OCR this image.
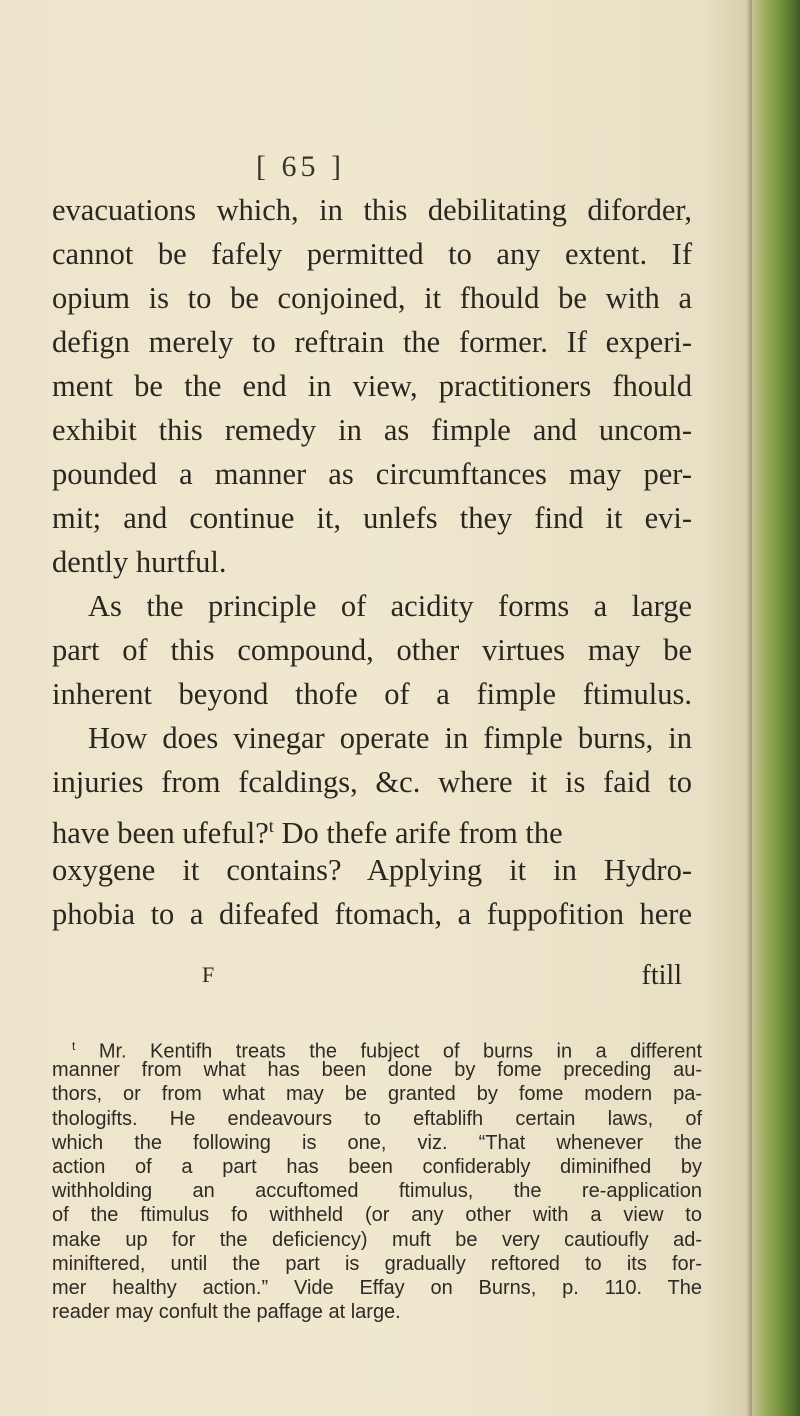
[ 65 ]
evacuations which, in this debilitating diforder,
cannot be fafely permitted to any extent. If
opium is to be conjoined, it fhould be with a
defign merely to reftrain the former. If experi-
ment be the end in view, practitioners fhould
exhibit this remedy in as fimple and uncom-
pounded a manner as circumftances may per-
mit; and continue it, unlefs they find it evi-
dently hurtful.
As the principle of acidity forms a large
part of this compound, other virtues may be
inherent beyond thofe of a fimple ftimulus.
How does vinegar operate in fimple burns, in
injuries from fcaldings, &c. where it is faid to
have been ufeful?$^t$ Do thefe arife from the
oxygene it contains? Applying it in Hydro-
phobia to a difeafed ftomach, a fuppofition here
F	ftill
$^t$ Mr. Kentifh treats the fubject of burns in a different
manner from what has been done by fome preceding au-
thors, or from what may be granted by fome modern pa-
thologifts. He endeavours to eftablifh certain laws, of
which the following is one, viz. “That whenever the
action of a part has been confiderably diminifhed by
withholding an accuftomed ftimulus, the re-application
of the ftimulus fo withheld (or any other with a view to
make up for the deficiency) muft be very cautioufly ad-
miniftered, until the part is gradually reftored to its for-
mer healthy action.” Vide Effay on Burns, p. 110. The
reader may confult the paffage at large.
